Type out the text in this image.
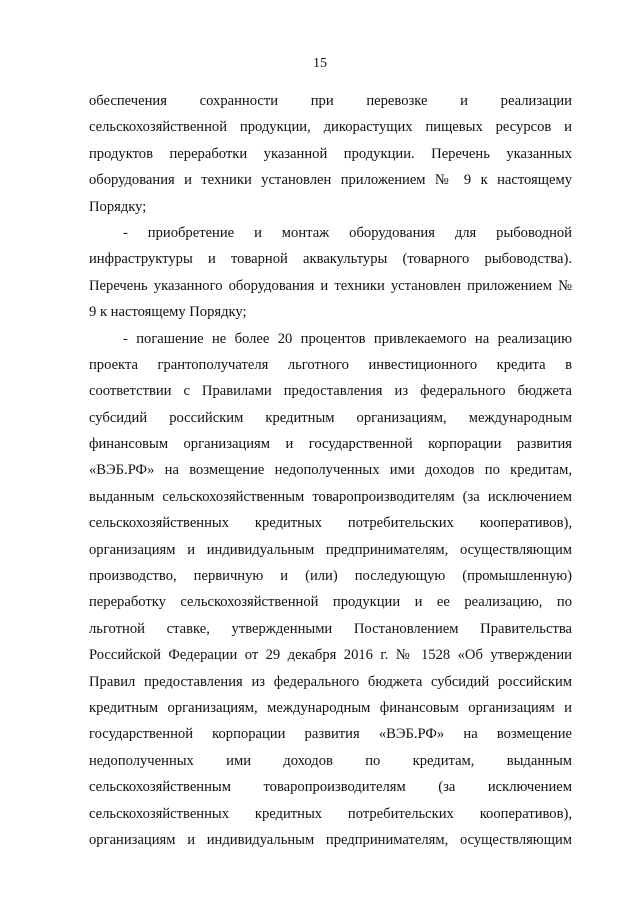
15
обеспечения сохранности при перевозке и реализации
сельскохозяйственной продукции, дикорастущих пищевых ресурсов и
продуктов переработки указанной продукции. Перечень указанных
оборудования и техники установлен приложением № 9 к настоящему
Порядку;
- приобретение и монтаж оборудования для рыбоводной
инфраструктуры и товарной аквакультуры (товарного рыбоводства).
Перечень указанного оборудования и техники установлен приложением №
9 к настоящему Порядку;
- погашение не более 20 процентов привлекаемого на реализацию
проекта грантополучателя льготного инвестиционного кредита в
соответствии с Правилами предоставления из федерального бюджета
субсидий российским кредитным организациям, международным
финансовым организациям и государственной корпорации развития
«ВЭБ.РФ» на возмещение недополученных ими доходов по кредитам,
выданным сельскохозяйственным товаропроизводителям (за исключением
сельскохозяйственных кредитных потребительских кооперативов),
организациям и индивидуальным предпринимателям, осуществляющим
производство, первичную и (или) последующую (промышленную)
переработку сельскохозяйственной продукции и ее реализацию, по
льготной ставке, утвержденными Постановлением Правительства
Российской Федерации от 29 декабря 2016 г. № 1528 «Об утверждении
Правил предоставления из федерального бюджета субсидий российским
кредитным организациям, международным финансовым организациям и
государственной корпорации развития «ВЭБ.РФ» на возмещение
недополученных ими доходов по кредитам, выданным
сельскохозяйственным товаропроизводителям (за исключением
сельскохозяйственных кредитных потребительских кооперативов),
организациям и индивидуальным предпринимателям, осуществляющим
